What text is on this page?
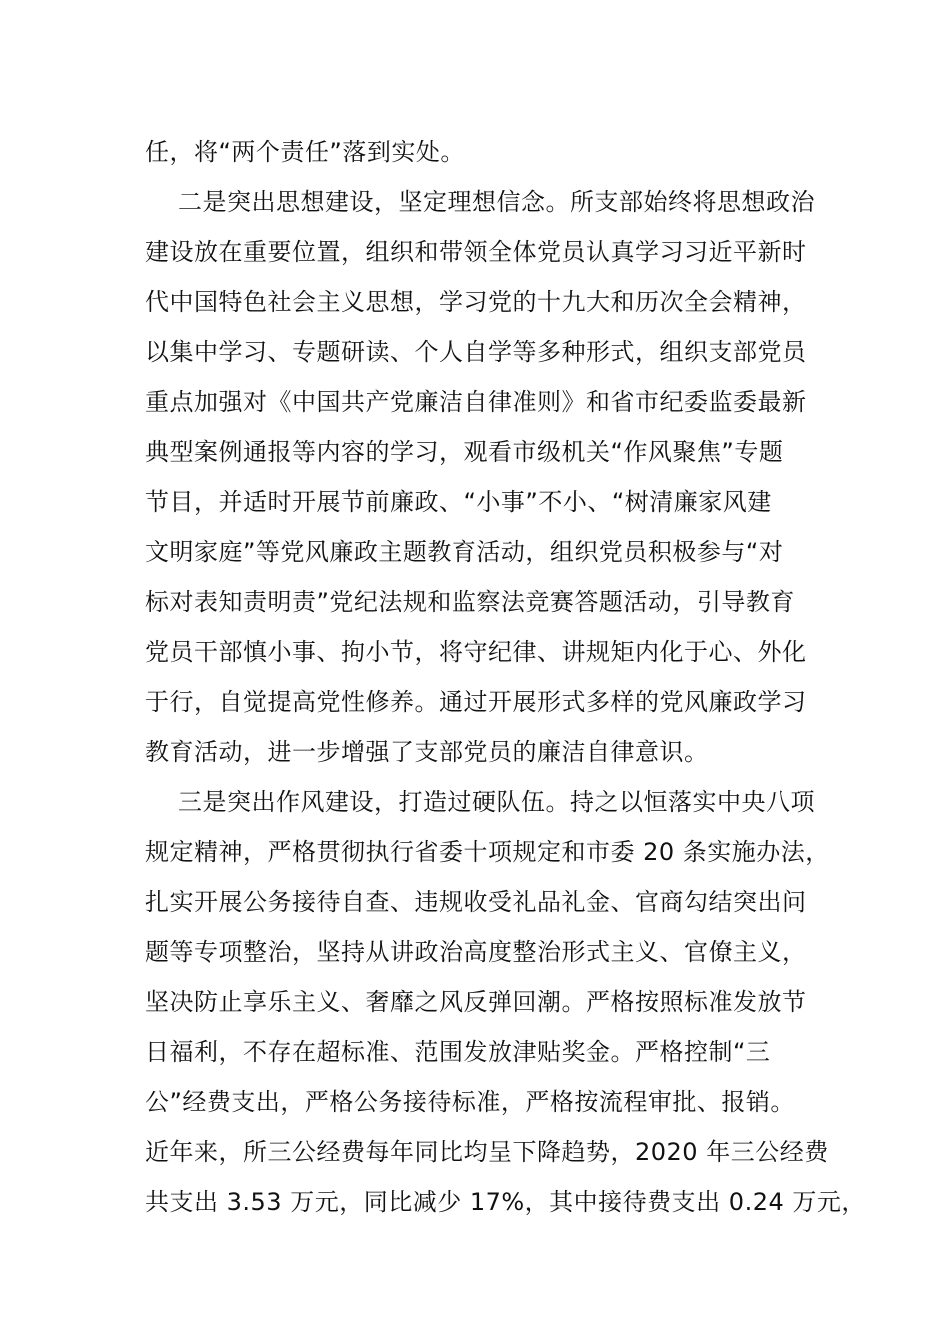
任，将“两个责任”落到实处。
二是突出思想建设，坚定理想信念。所支部始终将思想政治
建设放在重要位置，组织和带领全体党员认真学习习近平新时
代中国特色社会主义思想，学习党的十九大和历次全会精神，
以集中学习、专题研读、个人自学等多种形式，组织支部党员
重点加强对《中国共产党廉洁自律准则》和省市纪委监委最新
典型案例通报等内容的学习，观看市级机关“作风聚焦”专题
节目，并适时开展节前廉政、“小事”不小、“树清廉家风建
文明家庭”等党风廉政主题教育活动，组织党员积极参与“对
标对表知责明责”党纪法规和监察法竞赛答题活动，引导教育
党员干部慎小事、拘小节，将守纪律、讲规矩内化于心、外化
于行，自觉提高党性修养。通过开展形式多样的党风廉政学习
教育活动，进一步增强了支部党员的廉洁自律意识。
三是突出作风建设，打造过硬队伍。持之以恒落实中央八项
规定精神，严格贯彻执行省委十项规定和市委 20 条实施办法，
扎实开展公务接待自查、违规收受礼品礼金、官商勾结突出问
题等专项整治，坚持从讲政治高度整治形式主义、官僚主义，
坚决防止享乐主义、奢靡之风反弹回潮。严格按照标准发放节
日福利，不存在超标准、范围发放津贴奖金。严格控制“三
公”经费支出，严格公务接待标准，严格按流程审批、报销。
近年来，所三公经费每年同比均呈下降趋势，2020 年三公经费
共支出 3.53 万元，同比减少 17%，其中接待费支出 0.24 万元，
